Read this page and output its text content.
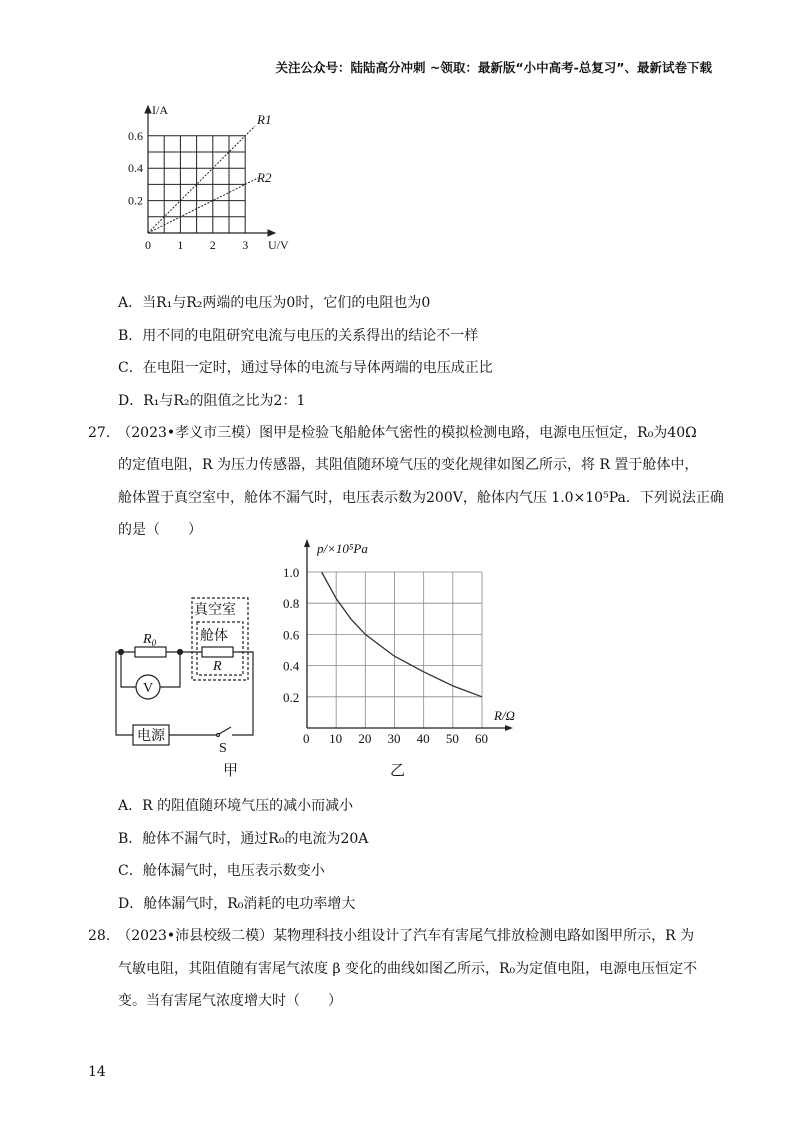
关注公众号：陆陆高分冲刺 ~领取：最新版“小中高考-总复习”、最新试卷下载
0.2
0.4
0.6
0 1 2 3
I/A
U/V
R1
R2
真空室
舱体
$R_0$
R
V
电源
S
甲
0.2
0.4
0.6
0.8
1.0
0 10 20 30 40 50 60
p/×10⁵Pa
R/Ω
乙
A．当R₁与R₂两端的电压为0时，它们的电阻也为0
B．用不同的电阻研究电流与电压的关系得出的结论不一样
C．在电阻一定时，通过导体的电流与导体两端的电压成正比
D．R₁与R₂的阻值之比为2：1
27.　（2023•孝义市三模）图甲是检验飞船舱体气密性的模拟检测电路，电源电压恒定，R₀为40Ω
的定值电阻，R 为压力传感器，其阻值随环境气压的变化规律如图乙所示，将 R 置于舱体中，
舱体置于真空室中，舱体不漏气时，电压表示数为200V，舱体内气压 1.0×10⁵Pa．下列说法正确
的是（　　）
A．R 的阻值随环境气压的减小而减小
B．舱体不漏气时，通过R₀的电流为20A
C．舱体漏气时，电压表示数变小
D．舱体漏气时，R₀消耗的电功率增大
28.　（2023•沛县校级二模）某物理科技小组设计了汽车有害尾气排放检测电路如图甲所示，R 为
气敏电阻，其阻值随有害尾气浓度 β 变化的曲线如图乙所示，R₀为定值电阻，电源电压恒定不
变。当有害尾气浓度增大时（　　）
14
